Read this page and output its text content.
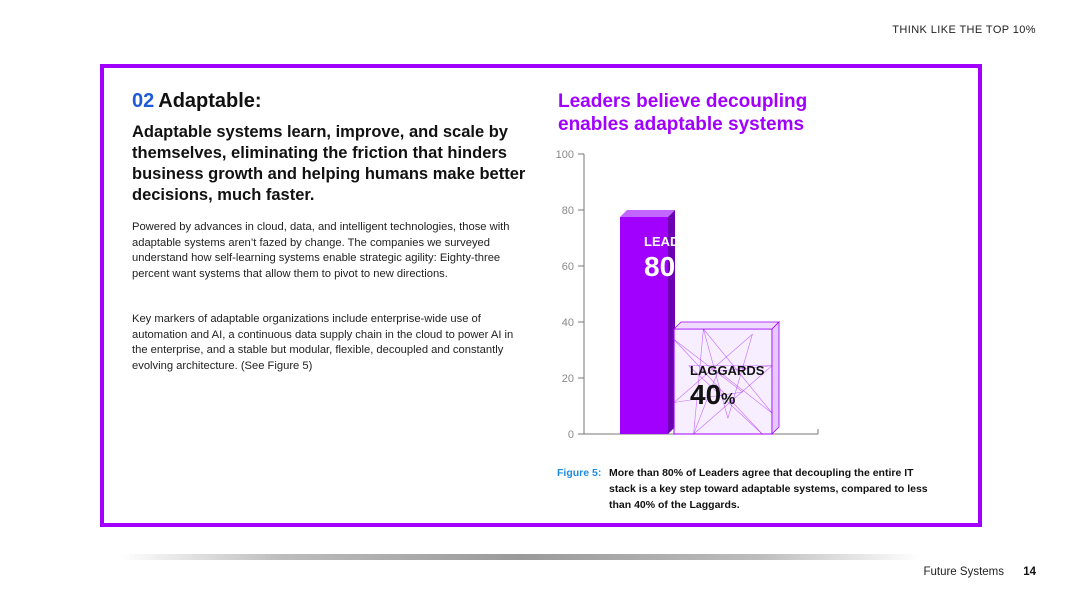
THINK LIKE THE TOP 10%
02 Adaptable:

Adaptable systems learn, improve, and scale by themselves, eliminating the friction that hinders business growth and helping humans make better decisions, much faster.

Powered by advances in cloud, data, and intelligent technologies, those with adaptable systems aren’t fazed by change. The companies we surveyed understand how self-learning systems enable strategic agility: Eighty-three percent want systems that allow them to pivot to new directions.

Key markers of adaptable organizations include enterprise-wide use of automation and AI, a continuous data supply chain in the cloud to power AI in the enterprise, and a stable but modular, flexible, decoupled and constantly evolving architecture. (See Figure 5)

Leaders believe decoupling enables adaptable systems
0
20
40
60
80
100
LEADERS
80%
LAGGARDS
40%

Figure 5: More than 80% of Leaders agree that decoupling the entire IT stack is a key step toward adaptable systems, compared to less than 40% of the Laggards.

Future Systems 14
